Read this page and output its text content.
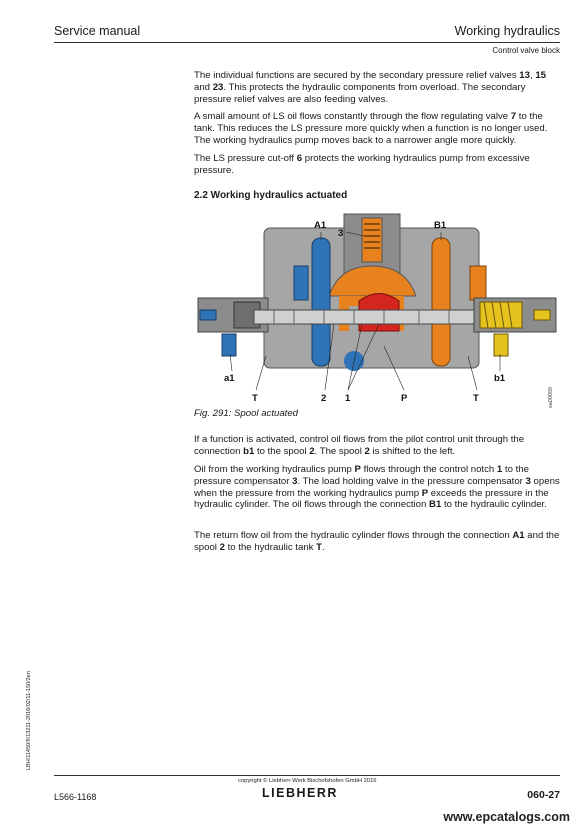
Service manual	Working hydraulics
Control valve block

The individual functions are secured by the secondary pressure relief valves 13, 15 and 23. This protects the hydraulic components from overload. The secondary pressure relief valves are also feeding valves.

A small amount of LS oil flows constantly through the flow regulating valve 7 to the tank. This reduces the LS pressure more quickly when a function is no longer used. The working hydraulics pump moves back to a narrower angle more quickly.

The LS pressure cut-off 6 protects the working hydraulics pump from excessive pressure.

2.2 Working hydraulics actuated
A1	B1
3
a1	b1
T	2 1	P	T	sa00059
Fig. 291: Spool actuated

If a function is activated, control oil flows from the pilot control unit through the connection b1 to the spool 2. The spool 2 is shifted to the left.

Oil from the working hydraulics pump P flows through the control notch 1 to the pressure compensator 3. The load holding valve in the pressure compensator 3 opens when the pressure from the working hydraulics pump P exceeds the pressure in the hydraulic cylinder. The oil flows through the connection B1 to the hydraulic cylinder.

The return flow oil from the hydraulic cylinder flows through the connection A1 and the spool 2 to the hydraulic tank T.

LBH/11450/9/13211-2016/02/11-150/2en
copyright © Liebherr-Werk Bischofshofen GmbH 2016
L566-1168	LIEBHERR	060-27
www.epcatalogs.com
